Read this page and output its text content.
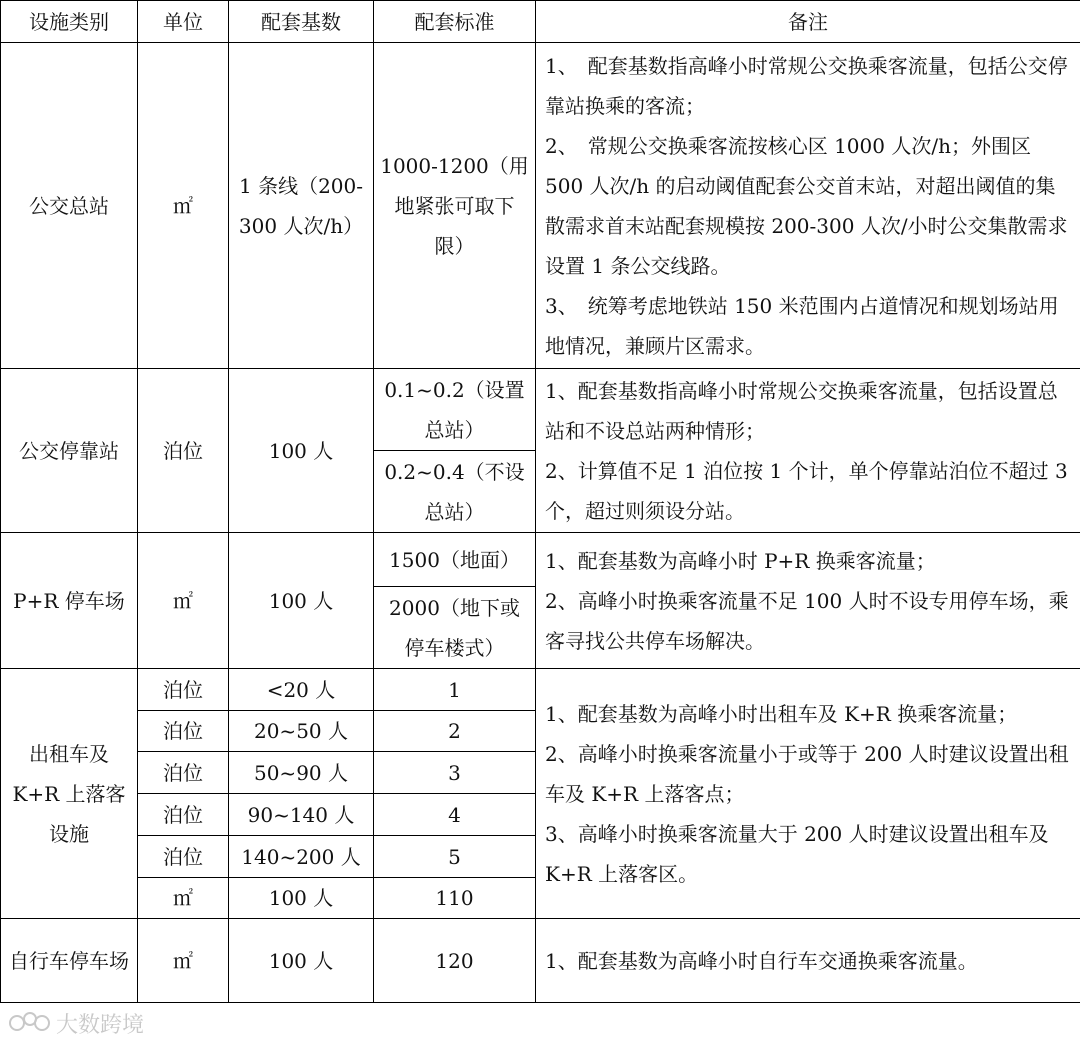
设施类别	单位	配套基数	配套标准	备注
公交总站	㎡	1 条线（200-300 人次/h）	1000-1200（用地紧张可取下限）	1、　配套基数指高峰小时常规公交换乘客流量，包括公交停靠站换乘的客流；
2、　常规公交换乘客流按核心区 1000 人次/h；外围区 500 人次/h 的启动阈值配套公交首末站，对超出阈值的集散需求首末站配套规模按 200-300 人次/小时公交集散需求设置 1 条公交线路。
3、　统筹考虑地铁站 150 米范围内占道情况和规划场站用地情况，兼顾片区需求。

公交停靠站	泊位	100 人	0.1~0.2（设置总站）	1、配套基数指高峰小时常规公交换乘客流量，包括设置总站和不设总站两种情形；
2、计算值不足 1 泊位按 1 个计，单个停靠站泊位不超过 3 个，超过则须设分站。

			0.2~0.4（不设总站）	
P+R 停车场	㎡	100 人	1500（地面）	1、配套基数为高峰小时 P+R 换乘客流量；
2、高峰小时换乘客流量不足 100 人时不设专用停车场，乘客寻找公共停车场解决。

			2000（地下或停车楼式）	
出租车及K+R 上落客设施	泊位	<20 人	1	1、配套基数为高峰小时出租车及 K+R 换乘客流量；
2、高峰小时换乘客流量小于或等于 200 人时建议设置出租车及 K+R 上落客点；
3、高峰小时换乘客流量大于 200 人时建议设置出租车及 K+R 上落客区。

	泊位	20~50 人	2	
	泊位	50~90 人	3	
	泊位	90~140 人	4	
	泊位	140~200 人	5	
	㎡	100 人	110	
自行车停车场	㎡	100 人	120	1、配套基数为高峰小时自行车交通换乘客流量。
大数跨境
